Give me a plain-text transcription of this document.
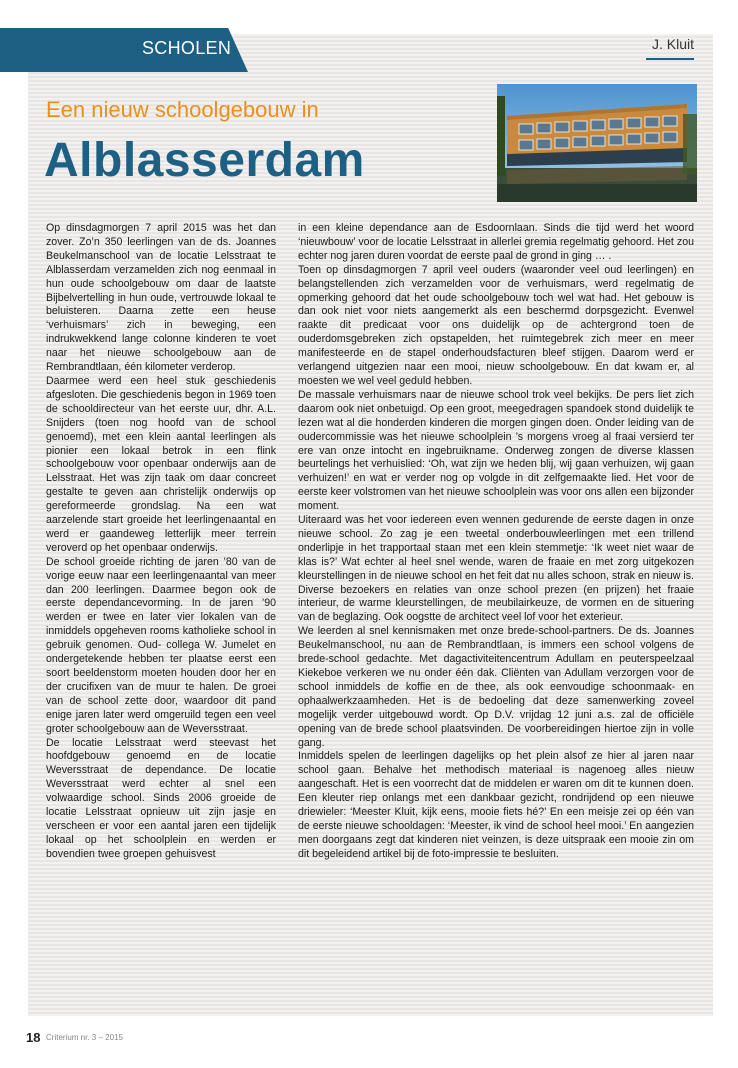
SCHOLEN	J. Kluit
Een nieuw schoolgebouw in
Alblasserdam

Op dinsdagmorgen 7 april 2015 was het dan zover. Zo’n 350 leerlingen van de ds. Joannes Beukelmanschool van de locatie Lelsstraat te Alblasserdam verzamelden zich nog eenmaal in hun oude schoolgebouw om daar de laatste Bijbelvertelling in hun oude, vertrouwde lokaal te beluisteren. Daarna zette een heuse ‘verhuismars’ zich in beweging, een indrukwekkend lange colonne kinderen te voet naar het nieuwe schoolgebouw aan de Rembrandtlaan, één kilometer verderop.

Daarmee werd een heel stuk geschiedenis afgesloten. Die geschiedenis begon in 1969 toen de schooldirecteur van het eerste uur, dhr. A.L. Snijders (toen nog hoofd van de school genoemd), met een klein aantal leerlingen als pionier een lokaal betrok in een flink schoolgebouw voor openbaar onderwijs aan de Lelsstraat. Het was zijn taak om daar concreet gestalte te geven aan christelijk onderwijs op gereformeerde grondslag. Na een wat aarzelende start groeide het leerlingenaantal en werd er gaandeweg letterlijk meer terrein veroverd op het openbaar onderwijs.

De school groeide richting de jaren ’80 van de vorige eeuw naar een leerlingenaantal van meer dan 200 leerlingen. Daarmee begon ook de eerste dependancevorming. In de jaren ’90 werden er twee en later vier lokalen van de inmiddels opgeheven rooms katholieke school in gebruik genomen. Oud- collega W. Jumelet en ondergetekende hebben ter plaatse eerst een soort beeldenstorm moeten houden door her en der crucifixen van de muur te halen. De groei van de school zette door, waardoor dit pand enige jaren later werd omgeruild tegen een veel groter schoolgebouw aan de Weversstraat.

De locatie Lelsstraat werd steevast het hoofdgebouw genoemd en de locatie Weversstraat de dependance. De locatie Weversstraat werd echter al snel een volwaardige school. Sinds 2006 groeide de locatie Lelsstraat opnieuw uit zijn jasje en verscheen er voor een aantal jaren een tijdelijk lokaal op het schoolplein en werden er bovendien twee groepen gehuisvest

in een kleine dependance aan de Esdoornlaan. Sinds die tijd werd het woord ‘nieuwbouw’ voor de locatie Lelsstraat in allerlei gremia regelmatig gehoord. Het zou echter nog jaren duren voordat de eerste paal de grond in ging … .

Toen op dinsdagmorgen 7 april veel ouders (waaronder veel oud leerlingen) en belangstellenden zich verzamelden voor de verhuismars, werd regelmatig de opmerking gehoord dat het oude schoolgebouw toch wel wat had. Het gebouw is dan ook niet voor niets aangemerkt als een beschermd dorpsgezicht. Evenwel raakte dit predicaat voor ons duidelijk op de achtergrond toen de ouderdomsgebreken zich opstapelden, het ruimtegebrek zich meer en meer manifesteerde en de stapel onderhoudsfacturen bleef stijgen. Daarom werd er verlangend uitgezien naar een mooi, nieuw schoolgebouw. En dat kwam er, al moesten we wel veel geduld hebben.

De massale verhuismars naar de nieuwe school trok veel bekijks. De pers liet zich daarom ook niet onbetuigd. Op een groot, meegedragen spandoek stond duidelijk te lezen wat al die honderden kinderen die morgen gingen doen. Onder leiding van de oudercommissie was het nieuwe schoolplein ’s morgens vroeg al fraai versierd ter ere van onze intocht en ingebruikname. Onderweg zongen de diverse klassen beurtelings het verhuislied: ‘Oh, wat zijn we heden blij, wij gaan verhuizen, wij gaan verhuizen!’ en wat er verder nog op volgde in dit zelfgemaakte lied. Het voor de eerste keer volstromen van het nieuwe schoolplein was voor ons allen een bijzonder moment.

Uiteraard was het voor iedereen even wennen gedurende de eerste dagen in onze nieuwe school. Zo zag je een tweetal onderbouwleerlingen met een trillend onderlipje in het trapportaal staan met een klein stemmetje: ‘Ik weet niet waar de klas is?’ Wat echter al heel snel wende, waren de fraaie en met zorg uitgekozen kleurstellingen in de nieuwe school en het feit dat nu alles schoon, strak en nieuw is. Diverse bezoekers en relaties van onze school prezen (en prijzen) het fraaie interieur, de warme kleurstellingen, de meubilairkeuze, de vormen en de situering van de beglazing. Ook oogstte de architect veel lof voor het exterieur.

We leerden al snel kennismaken met onze brede-school-partners. De ds. Joannes Beukelmanschool, nu aan de Rembrandtlaan, is immers een school volgens de brede-school gedachte. Met dagactiviteitencentrum Adullam en peuterspeelzaal Kiekeboe verkeren we nu onder één dak. Cliënten van Adullam verzorgen voor de school inmiddels de koffie en de thee, als ook eenvoudige schoonmaak- en ophaalwerkzaamheden. Het is de bedoeling dat deze samenwerking zoveel mogelijk verder uitgebouwd wordt. Op D.V. vrijdag 12 juni a.s. zal de officiële opening van de brede school plaatsvinden. De voorbereidingen hiertoe zijn in volle gang.

Inmiddels spelen de leerlingen dagelijks op het plein alsof ze hier al jaren naar school gaan. Behalve het methodisch materiaal is nagenoeg alles nieuw aangeschaft. Het is een voorrecht dat de middelen er waren om dit te kunnen doen. Een kleuter riep onlangs met een dankbaar gezicht, rondrijdend op een nieuwe driewieler: ‘Meester Kluit, kijk eens, mooie fiets hé?’ En een meisje zei op één van de eerste nieuwe schooldagen: ‘Meester, ik vind de school heel mooi.’ En aangezien men doorgaans zegt dat kinderen niet veinzen, is deze uitspraak een mooie zin om dit begeleidend artikel bij de foto-impressie te besluiten.

18 Criterium nr. 3 – 2015
